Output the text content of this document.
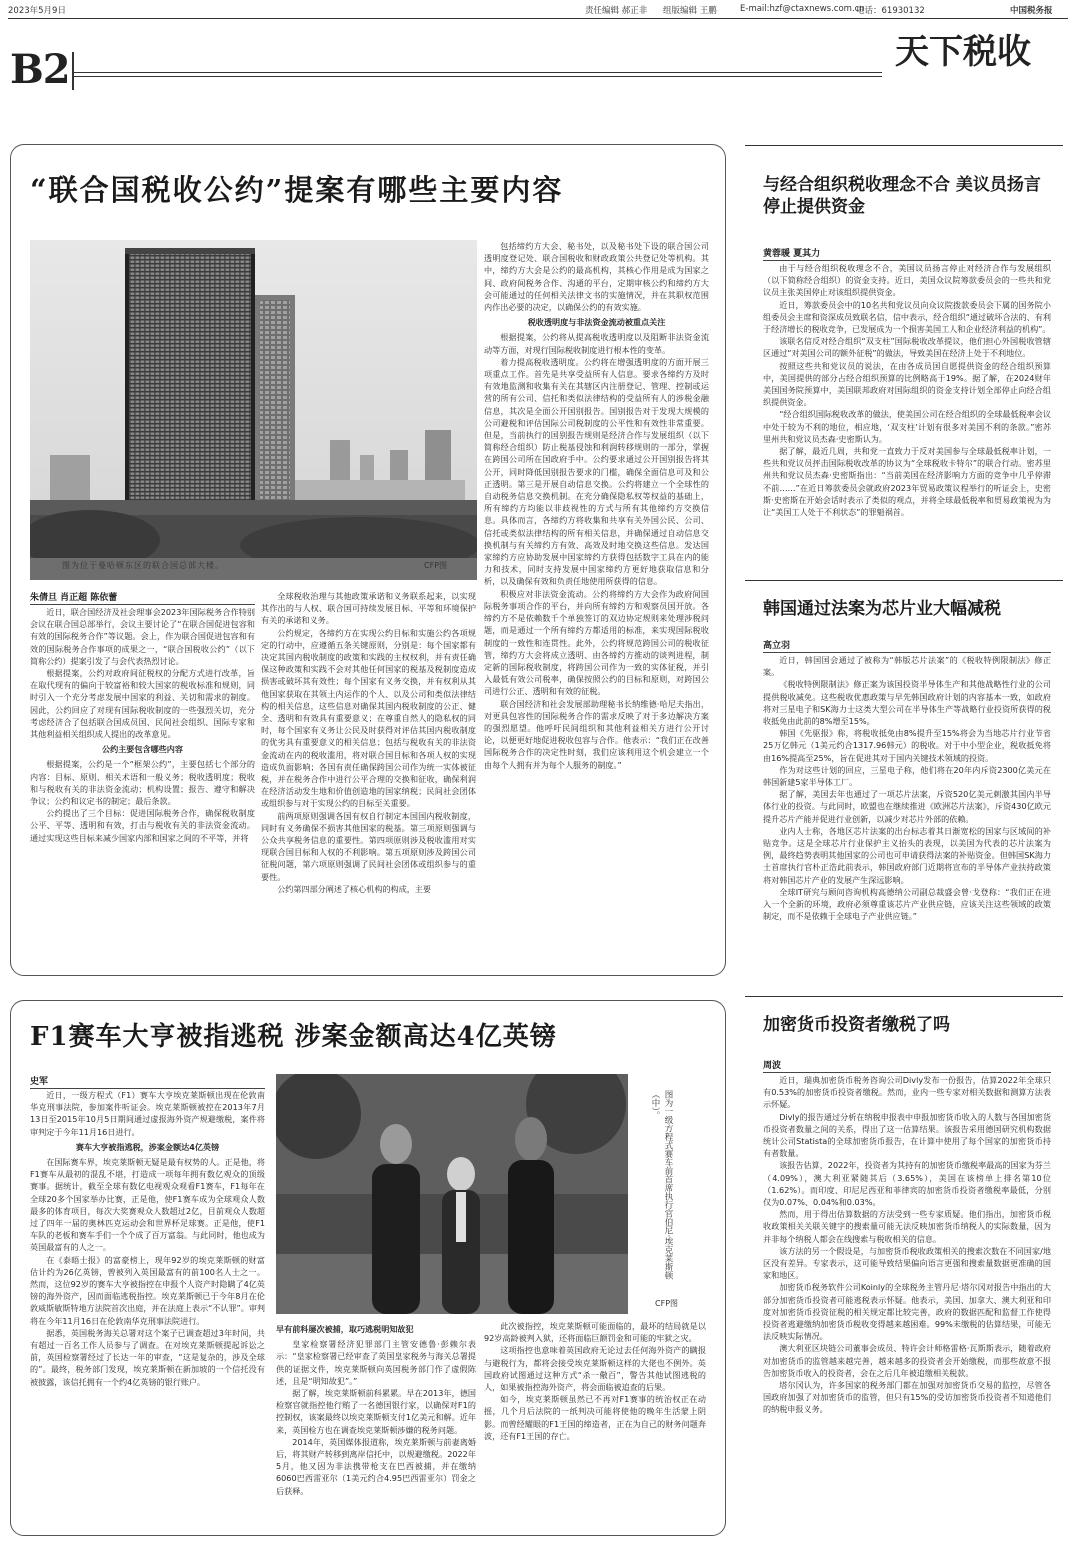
2023年5月9日	责任编辑 郝正非 组版编辑 王鹏	E-mail:hzf@ctaxnews.com.cn
电话：61930132	中国税务报
B2	天下税收
“联合国税收公约”提案有哪些主要内容
图为位于曼哈顿东区的联合国总部大楼。	CFP图
朱倩旦 肖正超 陈依蕾

近日，联合国经济及社会理事会2023年国际税务合作特别会议在联合国总部举行，会议主要讨论了“在联合国促进包容和有效的国际税务合作”等议题。会上，作为联合国促进包容和有效的国际税务合作事项的成果之一，“联合国税收公约”（以下简称公约）提案引发了与会代表热烈讨论。

根据提案，公约对政府间征税权的分配方式进行改革，旨在取代现有的偏向于较富裕和较大国家的税收标准和规则，同时引入一个充分考虑发展中国家的利益、关切和需求的制度。因此，公约回应了对现有国际税收制度的一些强烈关切，充分考虑经济合了包括联合国成员国、民间社会组织、国际专家和其他利益相关组织成人提出的改革意见。

公约主要包含哪些内容

根据提案，公约是一个“框架公约”，主要包括七个部分的内容：目标、原则、相关术语和一般义务；税收透明度；税收和与税收有关的非法资金流动；机构设置；报告、遵守和解决争议；公约和议定书的制定；最后条款。

公约提出了三个目标：促进国际税务合作，确保税收制度公平、平等、透明和有效，打击与税收有关的非法资金流动。通过实现这些目标来减少国家内部和国家之间的不平等，并将

全球税收治理与其他政策承诺和义务联系起来，以实现其作出的与人权、联合国可持续发展目标、平等和环境保护有关的承诺和义务。

公约规定，各缔约方在实现公约目标和实施公约各项规定的行动中，应遵循五条关键原则，分别是：每个国家都有决定其国内税收制度的政策和实践的主权权利，并有责任确保这种政策和实践不会对其他任何国家的税基及税制度造成损害或破坏其有效性；每个国家有义务交换，并有权利从其他国家获取在其领土内运作的个人、以及公司和类似法律结构的相关信息，这些信息对确保其国内税收制度的公正、健全、透明和有效具有重要意义；在尊重自然人的隐私权的同时，每个国家有义务让公民及时获得对评估其国内税收制度的优劣具有重要意义的相关信息；包括与税收有关的非法资金流动在内的税收滥用，将对联合国目标和各项人权的实现造成负面影响；各国有责任确保跨国公司作为统一实体被征税，并在税务合作中进行公平合理的交换和征收，确保利润在经济活动发生地和价值创造地的国家纳税；民间社会团体或组织参与对于实现公约的目标至关重要。

前两项原则强调各国有权自行制定本国国内税收制度，同时有义务确保不损害其他国家的税基。第三项原则强调与公众共享税务信息的重要性。第四项原则涉及税收滥用对实现联合国目标和人权的不利影响。第五项原则涉及跨国公司征税问题，第六项原则强调了民间社会团体或组织参与的重要性。

公约第四部分阐述了核心机构的构成，主要

包括缔约方大会、秘书处，以及秘书处下设的联合国公司透明度登记处、联合国税收和财政政策公共登记处等机构。其中，缔约方大会是公约的最高机构，其核心作用是成为国家之间、政府间税务合作、沟通的平台，定期审核公约和缔约方大会可能通过的任何相关法律文书的实施情况，并在其职权范围内作出必要的决定，以确保公约的有效实施。

税收透明度与非法资金流动被重点关注

根据提案，公约将从提高税收透明度以及阻断非法资金流动等方面，对现行国际税收制度进行根本性的变革。

着力提高税收透明度。公约将在增强透明度的方面开展三项重点工作。首先是共享受益所有人信息。要求各缔约方及时有效地监测和收集有关在其辖区内注册登记、管理、控制或运营的所有公司、信托和类似法律结构的受益所有人的涉税金融信息，其次是全面公开国别报告。国别报告对于发现大规模的公司避税和评估国际公司税制度的公平性和有效性非常重要。但是，当前执行的国别报告规则是经济合作与发展组织（以下简称经合组织）防止税基侵蚀和利润转移规则的一部分，掌握在跨国公司所在国政府手中。公约要求通过公开国别报告将其公开，同时降低国别报告要求的门槛，确保全面信息可及和公正透明。第三是开展自动信息交换。公约将建立一个全球性的自动税务信息交换机制。在充分确保隐私权等权益的基础上，所有缔约方均能以非歧视性的方式与所有其他缔约方交换信息。具体而言，各缔约方将收集和共享有关外国公民、公司、信托或类似法律结构的所有相关信息，并确保通过自动信息交换机制与有关缔约方有效、高效及时地交换这些信息。发达国家缔约方应协助发展中国家缔约方获得包括数字工具在内的能力和技术，同时支持发展中国家缔约方更好地获取信息和分析，以及确保有效和负责任地使用所获得的信息。

积极应对非法资金流动。公约将缔约方大会作为政府间国际税务事项合作的平台，并向所有缔约方和观察员国开放。各缔约方不是依赖数千个单独签订的双边协定规则来处理涉税问题，而是通过一个所有缔约方都适用的标准，来实现国际税收制度的一致性和连贯性。此外，公约将规范跨国公司的税收征管，缔约方大会将成立透明、由各缔约方推动的谈判进程，制定新的国际税收制度，将跨国公司作为一致的实体征税，并引入最低有效公司税率，确保按照公约的目标和原则，对跨国公司进行公正、透明和有效的征税。

联合国经济和社会发展部助理秘书长纳维德·哈尼夫指出，对更具包容性的国际税务合作的需求反映了对于多边解决方案的强烈愿望。他呼吁民间组织和其他利益相关方进行公开讨论，以便更好地促进税收包容与合作。他表示：“我们正在改善国际税务合作的决定性时刻，我们应该利用这个机会建立一个由每个人拥有并为每个人服务的制度。”

F1赛车大亨被指逃税 涉案金额高达4亿英镑
史军

近日，一级方程式（F1）赛车大亨埃克莱斯顿出现在伦敦南华克刑事法院，参加案件听证会。埃克莱斯顿被控在2013年7月13日至2015年10月5日期间通过虚报海外资产规避缴税，案件将审判定于今年11月16日进行。

赛车大亨被指逃税，涉案金额达4亿英镑

在国际赛车界，埃克莱斯顿无疑是最有权势的人。正是他，将F1赛车从最初的混乱不堪，打造成一项每年拥有数亿观众的顶级赛事。据统计，截至全球有数亿电视观众观看F1赛车，F1每年在全球20多个国家举办比赛，正是他，使F1赛车成为全球观众人数最多的体育项目，每次大奖赛观众人数超过2亿，目前观众人数超过了四年一届的奥林匹克运动会和世界杯足球赛。正是他，使F1车队的老板和赛车手们一个个成了百万富翁。与此同时，他也成为英国最富有的人之一。

在《泰晤士报》的富豪榜上，现年92岁的埃克莱斯顿的财富估计约为26亿英镑，曾被列入英国最富有的前100名人士之一。然而，这位92岁的赛车大亨被指控在申报个人资产时隐瞒了4亿英镑的海外资产，因而面临逃税指控。埃克莱斯顿已于今年8月在伦敦威斯敏斯特地方法院首次出庭，并在法庭上表示“不认罪”。审判将在今年11月16日在伦敦南华克刑事法院进行。

据悉，英国税务海关总署对这个案子已调查超过3年时间，共有超过一百名工作人员参与了调查。在对埃克莱斯顿提起诉讼之前，英国检察署经过了长达一年的审查，“这是复杂的，涉及全球的”。最终，税务部门发现，埃克莱斯顿在新加坡的一个信托没有被披露，该信托拥有一个约4亿英镑的银行账户。

图为一级方程式赛车前首席执行官伯尼·埃克莱斯顿（中）。
CFP图

早有前科屡次被捕，取巧逃税明知故犯

皇家检察署经济犯罪部门主管安德鲁·彭赖尔表示：“皇家检察署已经审查了英国皇家税务与海关总署提供的证据文件，埃克莱斯顿向英国税务部门作了虚假陈述，且是“明知故犯”。”

据了解，埃克莱斯顿前科累累。早在2013年，德国检察官就指控他行贿了一名德国银行家，以确保对F1的控制权，该案最终以埃克莱斯顿支付1亿美元和解。近年来，英国检方也在调查埃克莱斯顿涉嫌的税务问题。

2014年，英国媒体报道称，埃克莱斯顿与前妻离婚后，将其财产转移到离岸信托中，以规避缴税。2022年5月，他又因为非法携带枪支在巴西被捕，并在缴纳6060巴西雷亚尔（1美元约合4.95巴西雷亚尔）罚金之后获释。

此次被指控，埃克莱斯顿可能面临的，最坏的结局就是以92岁高龄被判入狱，还将面临巨额罚金和可能的牢狱之灾。

这项指控也意味着英国政府无论过去任何海外资产的瞒报与避税行为，都将会接受埃克莱斯顿这样的大佬也不例外。英国政府试图通过这种方式“杀一儆百”，警告其他试图逃税的人，如果被指控海外资产，将会面临被追查的后果。

如今，埃克莱斯顿虽然已不再对F1赛事的统治权正在动摇，几个月后法院的一纸判决可能将使他的晚年生活蒙上阴影。而曾经耀眼的F1王国的缔造者，正在为自己的财务问题奔波，还有F1王国的存亡。

与经合组织税收理念不合 美议员扬言停止提供资金
黄蓉暖 夏其力

由于与经合组织税收理念不合，美国议员扬言停止对经济合作与发展组织（以下简称经合组织）的资金支持。近日，美国众议院筹款委员会的一些共和党议员主张美国停止对该组织提供资金。

近日，筹款委员会中的10名共和党议员向众议院拨款委员会下属的国务院小组委员会主席和资深成员致联名信，信中表示，经合组织“通过破坏合法的、有利于经济增长的税收竞争，已发展成为一个损害美国工人和企业经济利益的机构”。

该联名信反对经合组织“双支柱”国际税收改革提议，他们担心外国税收管辖区通过“对美国公司的额外征税”的做法，导致美国在经济上处于不利地位。

按照这些共和党议员的说法，在由各成员国自愿提供资金的经合组织预算中，美国提供的部分占经合组织预算的比例略高于19%。据了解，在2024财年美国国务院预算中，美国联邦政府对国际组织的资金支持计划全部停止向经合组织提供资金。

“经合组织国际税收改革的做法，使美国公司在经合组织的全球最低税率会议中处于较为不利的地位，相应地，‘双支柱’计划有很多对美国不利的条款。”密苏里州共和党议员杰森·史密斯认为。

据了解，最近几周，共和党一直致力于反对美国参与全球最低税率计划，一些共和党议员抨击国际税收改革的协议为“全球税收卡特尔”的联合行动。密苏里州共和党议员杰森·史密斯指出：“当前美国在经济影响力方面的竞争中几乎停滞不前……”在近日筹款委员会就政府2023年贸易政策议程举行的听证会上，史密斯·史密斯在开始会话时表示了类似的观点，并将全球最低税率和贸易政策视为为让“美国工人处于不利状态”的罪魁祸首。

韩国通过法案为芯片业大幅减税
高立羽

近日，韩国国会通过了被称为“韩版芯片法案”的《税收特例限制法》修正案。

《税收特例限制法》修正案为该国投资半导体生产和其他战略性行业的公司提供税收减免。这些税收优惠政策与早先韩国政府计划的内容基本一致，如政府将对三星电子和SK海力士这类大型公司在半导体生产等战略行业投资所获得的税收抵免由此前的8%增至15%。

韩国《先驱报》称，将税收抵免由8%提升至15%将会为当地芯片行业节省25万亿韩元（1美元约合1317.96韩元）的税收。对于中小型企业，税收抵免将由16%提高至25%，旨在促进其对于国内关键技术领域的投资。

作为对这些计划的回应，三星电子称，他们将在20年内斥资2300亿美元在韩国新建5家半导体工厂。

据了解，美国去年也通过了一项芯片法案，斥资520亿美元刺激其国内半导体行业的投资。与此同时，欧盟也在继续推进《欧洲芯片法案》，斥资430亿欧元提升芯片产能并促进行业创新，以减少对芯片外部的依赖。

业内人士称，各地区芯片法案的出台标志着其日渐宽松的国家与区域间的补贴竞争。这是全球芯片行业保护主义抬头的表现，以美国为代表的芯片法案为例，最终趋势表明其他国家的公司也可申请获得法案的补贴资金。但韩国SK海力士首席执行官朴正浩此前表示，韩国政府部门近期将宣布的半导体产业扶持政策将对韩国芯片产业的发展产生深远影响。

全球IT研究与顾问咨询机构高德纳公司副总裁盛会曾·戈登称：“我们正在进入一个全新的环境，政府必须尊重该芯片产业供应链，应该关注这些领域的政策制定，而不是依赖于全球电子产业供应链。”

加密货币投资者缴税了吗
周波

近日，瑞典加密货币税务咨询公司Divly发布一份报告，估算2022年全球只有0.53%的加密货币投资者缴税。然而，业内一些专家对相关数据和测算方法表示怀疑。

Divly的报告通过分析在纳税申报表中申报加密货币收入的人数与各国加密货币投资者数量之间的关系，得出了这一估算结果。该报告采用德国研究机构数据统计公司Statista的全球加密货币报告，在计算中使用了每个国家的加密货币持有者数量。

该报告估算，2022年，投资者为其持有的加密货币缴税率最高的国家为芬兰（4.09%），澳大利亚紧随其后（3.65%），美国在该榜单上排名第10位（1.62%）。而印度、印尼尼西亚和菲律宾的加密货币投资者缴税率最低，分别仅为0.07%、0.04%和0.03%。

然而，用于得出估算数据的方法受到一些专家质疑。他们指出，加密货币税收政策相关关联关键字的搜索量可能无法反映加密货币纳税人的实际数量，因为并非每个纳税人都会在线搜索与税收相关的信息。

该方法的另一个假设是，与加密货币税收政策相关的搜索次数在不同国家/地区没有差异。专家表示，这可能导致结果偏向语言更强和搜索量数据更准确的国家和地区。

加密货币税务软件公司Koinly的全球税务主管丹尼·塔尔冈对报告中指出的大部分加密货币投资者可能逃税表示怀疑。他表示，美国、加拿大、澳大利亚和印度对加密货币投资征税的相关规定都比较完善，政府的数据匹配和监督工作使得投资者逃避缴纳加密货币税收变得越来越困难。99%未缴税的估算结果，可能无法反映实际情况。

澳大利亚区块链公司董事会成员、特许会计师格雷格·瓦斯斯表示，随着政府对加密货币的监管越来越完善，越来越多的投资者会开始缴税，而那些故意不报告加密货币收入的投资者，会在之后几年被追缴相关税款。

塔尔冈认为，许多国家的税务部门都在加强对加密货币交易的监控，尽管各国政府加强了对加密货币的监管，但只有15%的受访加密货币投资者不知道他们的纳税申报义务。
